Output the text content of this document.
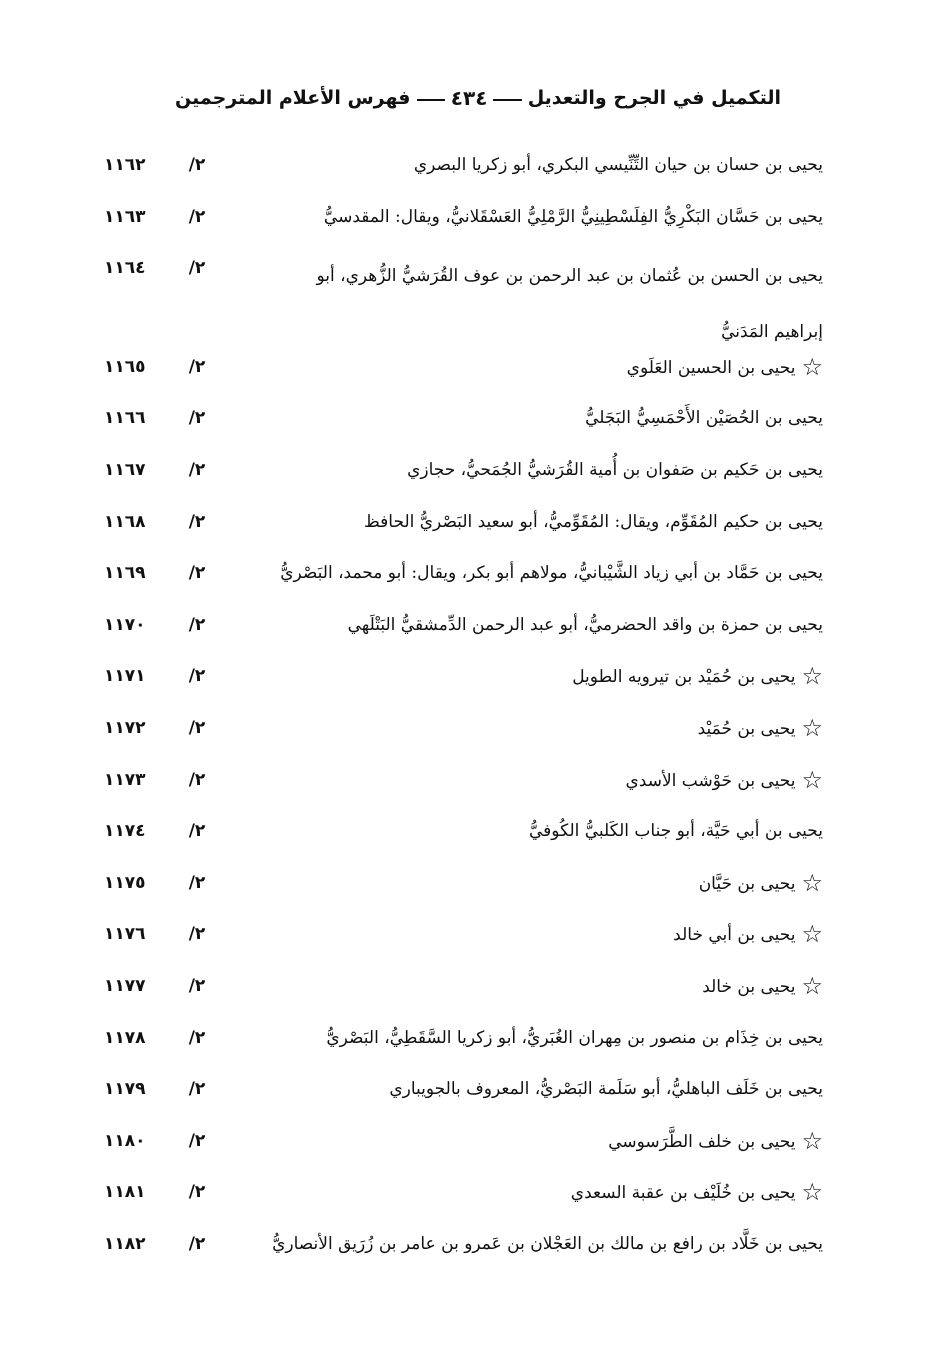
التكميل في الجرح والتعديل
٤٣٤
فهرس الأعلام المترجمين
يحيى بن حسان بن حيان التِّنِّيسي البكري، أبو زكريا البصري
٢/
١١٦٢
يحيى بن حَسَّان البَكْرِيُّ الفِلَسْطِينِيُّ الرَّمْلِيُّ العَسْقَلانيُّ، ويقال: المقدسيُّ
٢/
١١٦٣
يحيى بن الحسن بن عُثمان بن عبد الرحمن بن عوف القُرَشيُّ الزُّهري، أبو إبراهيم المَدَنيُّ
٢/
١١٦٤
☆يحيى بن الحسين العَلَوي
٢/
١١٦٥
يحيى بن الحُصَيْن الأَحْمَسِيُّ البَجَليُّ
٢/
١١٦٦
يحيى بن حَكيم بن صَفوان بن أُمية القُرَشيُّ الجُمَحيُّ، حجازي
٢/
١١٦٧
يحيى بن حكيم المُقَوِّم، ويقال: المُقَوِّميُّ، أبو سعيد البَصْريُّ الحافظ
٢/
١١٦٨
يحيى بن حَمَّاد بن أبي زياد الشَّيْبانيُّ، مولاهم أبو بكر، ويقال: أبو محمد، البَصْريُّ
٢/
١١٦٩
يحيى بن حمزة بن واقد الحضرميُّ، أبو عبد الرحمن الدِّمشقيُّ البَتْلَهي
٢/
١١٧٠
☆يحيى بن حُمَيْد بن تيرويه الطويل
٢/
١١٧١
☆يحيى بن حُمَيْد
٢/
١١٧٢
☆يحيى بن حَوْشب الأسدي
٢/
١١٧٣
يحيى بن أبي حَيَّة، أبو جناب الكَلبيُّ الكُوفيُّ
٢/
١١٧٤
☆يحيى بن حَيَّان
٢/
١١٧٥
☆يحيى بن أبي خالد
٢/
١١٧٦
☆يحيى بن خالد
٢/
١١٧٧
يحيى بن خِذَام بن منصور بن مِهران الغُبَريُّ، أبو زكريا السَّقَطِيُّ، البَصْريُّ
٢/
١١٧٨
يحيى بن خَلَف الباهليُّ، أبو سَلَمة البَصْريُّ، المعروف بالجويباري
٢/
١١٧٩
☆يحيى بن خلف الطَّرَسوسي
٢/
١١٨٠
☆يحيى بن خُلَيْف بن عقبة السعدي
٢/
١١٨١
يحيى بن خَلَّاد بن رافع بن مالك بن العَجْلان بن عَمرو بن عامر بن زُرَيق الأنصاريُّ
٢/
١١٨٢
